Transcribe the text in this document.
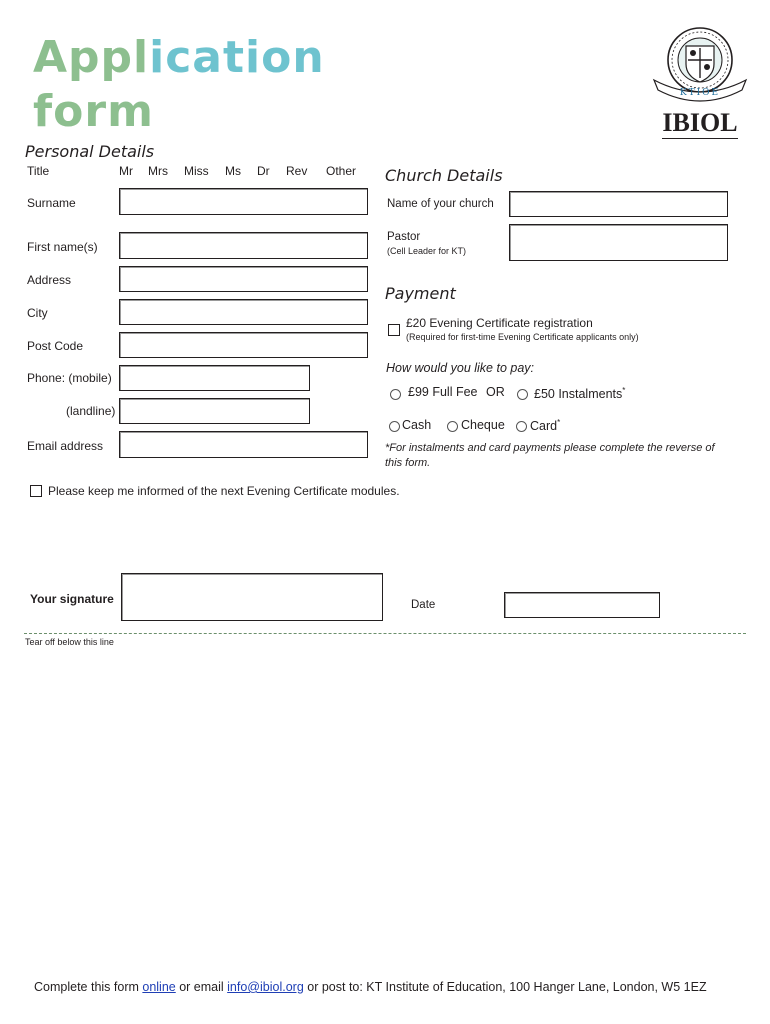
Application
form	KTIOE
IBIOL
Personal Details
Title	Mr Mrs Miss Ms Dr Rev Other
Surname
First name(s)
Address
City
Post Code
Phone: (mobile)
(landline)
Email address
Church Details
Name of your church
Pastor
(Cell Leader for KT)
Payment
£20 Evening Certificate registration
(Required for first-time Evening Certificate applicants only)
How would you like to pay:
£99 Full Fee OR £50 Instalments*
Cash Cheque Card*
*For instalments and card payments please complete the reverse of
this form.
Please keep me informed of the next Evening Certificate modules.
Your signature	Date
Tear off below this line
Complete this form online or email info@ibiol.org or post to: KT Institute of Education, 100 Hanger Lane, London, W5 1EZ
